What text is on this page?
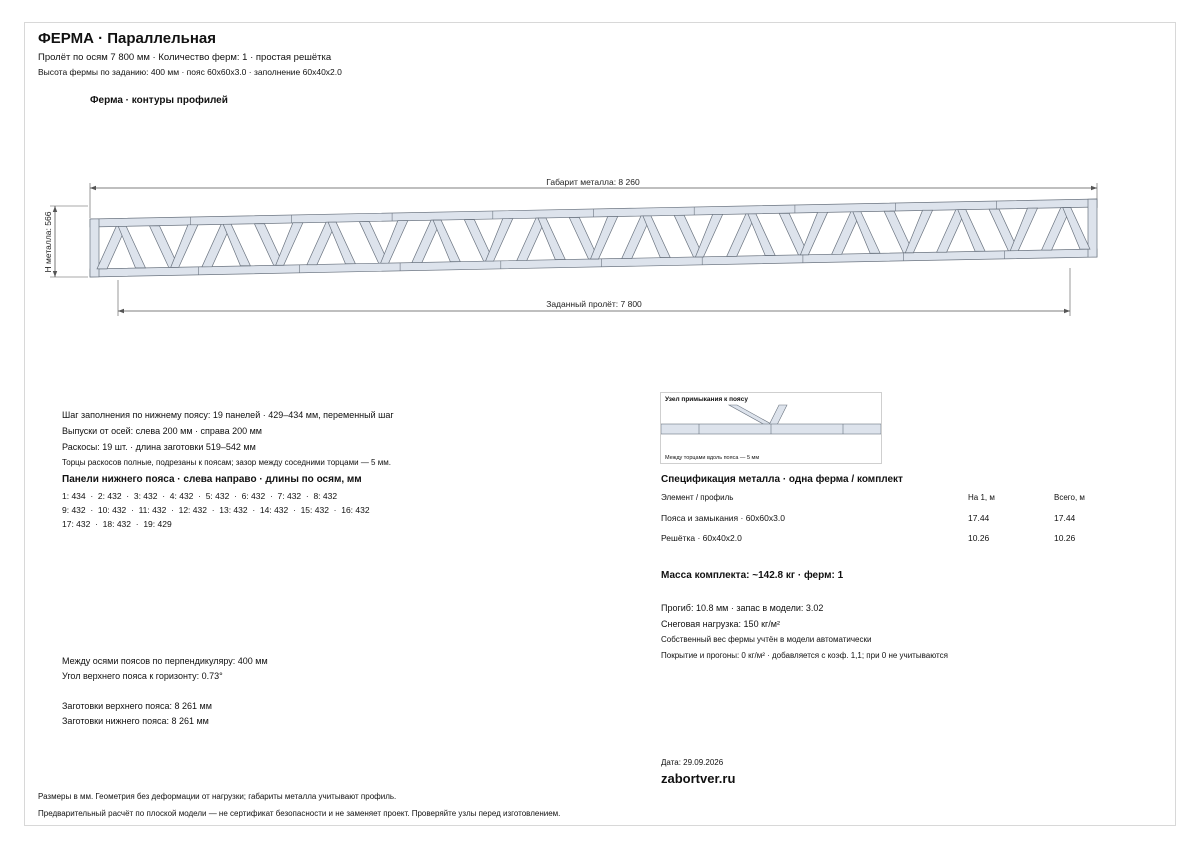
ФЕРМА · Параллельная
Пролёт по осям 7 800 мм · Количество ферм: 1 · простая решётка
Высота фермы по заданию: 400 мм · пояс 60x60x3.0 · заполнение 60x40x2.0
Ферма · контуры профилей
Габарит металла: 8 260
Заданный пролёт: 7 800
H металла: 566
Шаг заполнения по нижнему поясу: 19 панелей · 429–434 мм, переменный шаг
Выпуски от осей: слева 200 мм · справа 200 мм
Раскосы: 19 шт. · длина заготовки 519–542 мм
Торцы раскосов полные, подрезаны к поясам; зазор между соседними торцами — 5 мм.
Панели нижнего пояса · слева направо · длины по осям, мм
1: 434  ·  2: 432  ·  3: 432  ·  4: 432  ·  5: 432  ·  6: 432  ·  7: 432  ·  8: 432
9: 432  ·  10: 432  ·  11: 432  ·  12: 432  ·  13: 432  ·  14: 432  ·  15: 432  ·  16: 432
17: 432  ·  18: 432  ·  19: 429
Между осями поясов по перпендикуляру: 400 мм
Угол верхнего пояса к горизонту: 0.73°
Заготовки верхнего пояса: 8 261 мм
Заготовки нижнего пояса: 8 261 мм
Узел примыкания к поясу
Между торцами вдоль пояса — 5 мм
Спецификация металла · одна ферма / комплект
Элемент / профиль	На 1, м	Всего, м
Пояса и замыкания · 60x60x3.0	17.44	17.44
Решётка · 60x40x2.0	10.26	10.26
Масса комплекта: ~142.8 кг · ферм: 1
Прогиб: 10.8 мм · запас в модели: 3.02
Снеговая нагрузка: 150 кг/м²
Собственный вес фермы учтён в модели автоматически
Покрытие и прогоны: 0 кг/м² · добавляется с коэф. 1,1; при 0 не учитываются
Дата: 29.09.2026
zabortver.ru
Размеры в мм. Геометрия без деформации от нагрузки; габариты металла учитывают профиль.
Предварительный расчёт по плоской модели — не сертификат безопасности и не заменяет проект. Проверяйте узлы перед изготовлением.
